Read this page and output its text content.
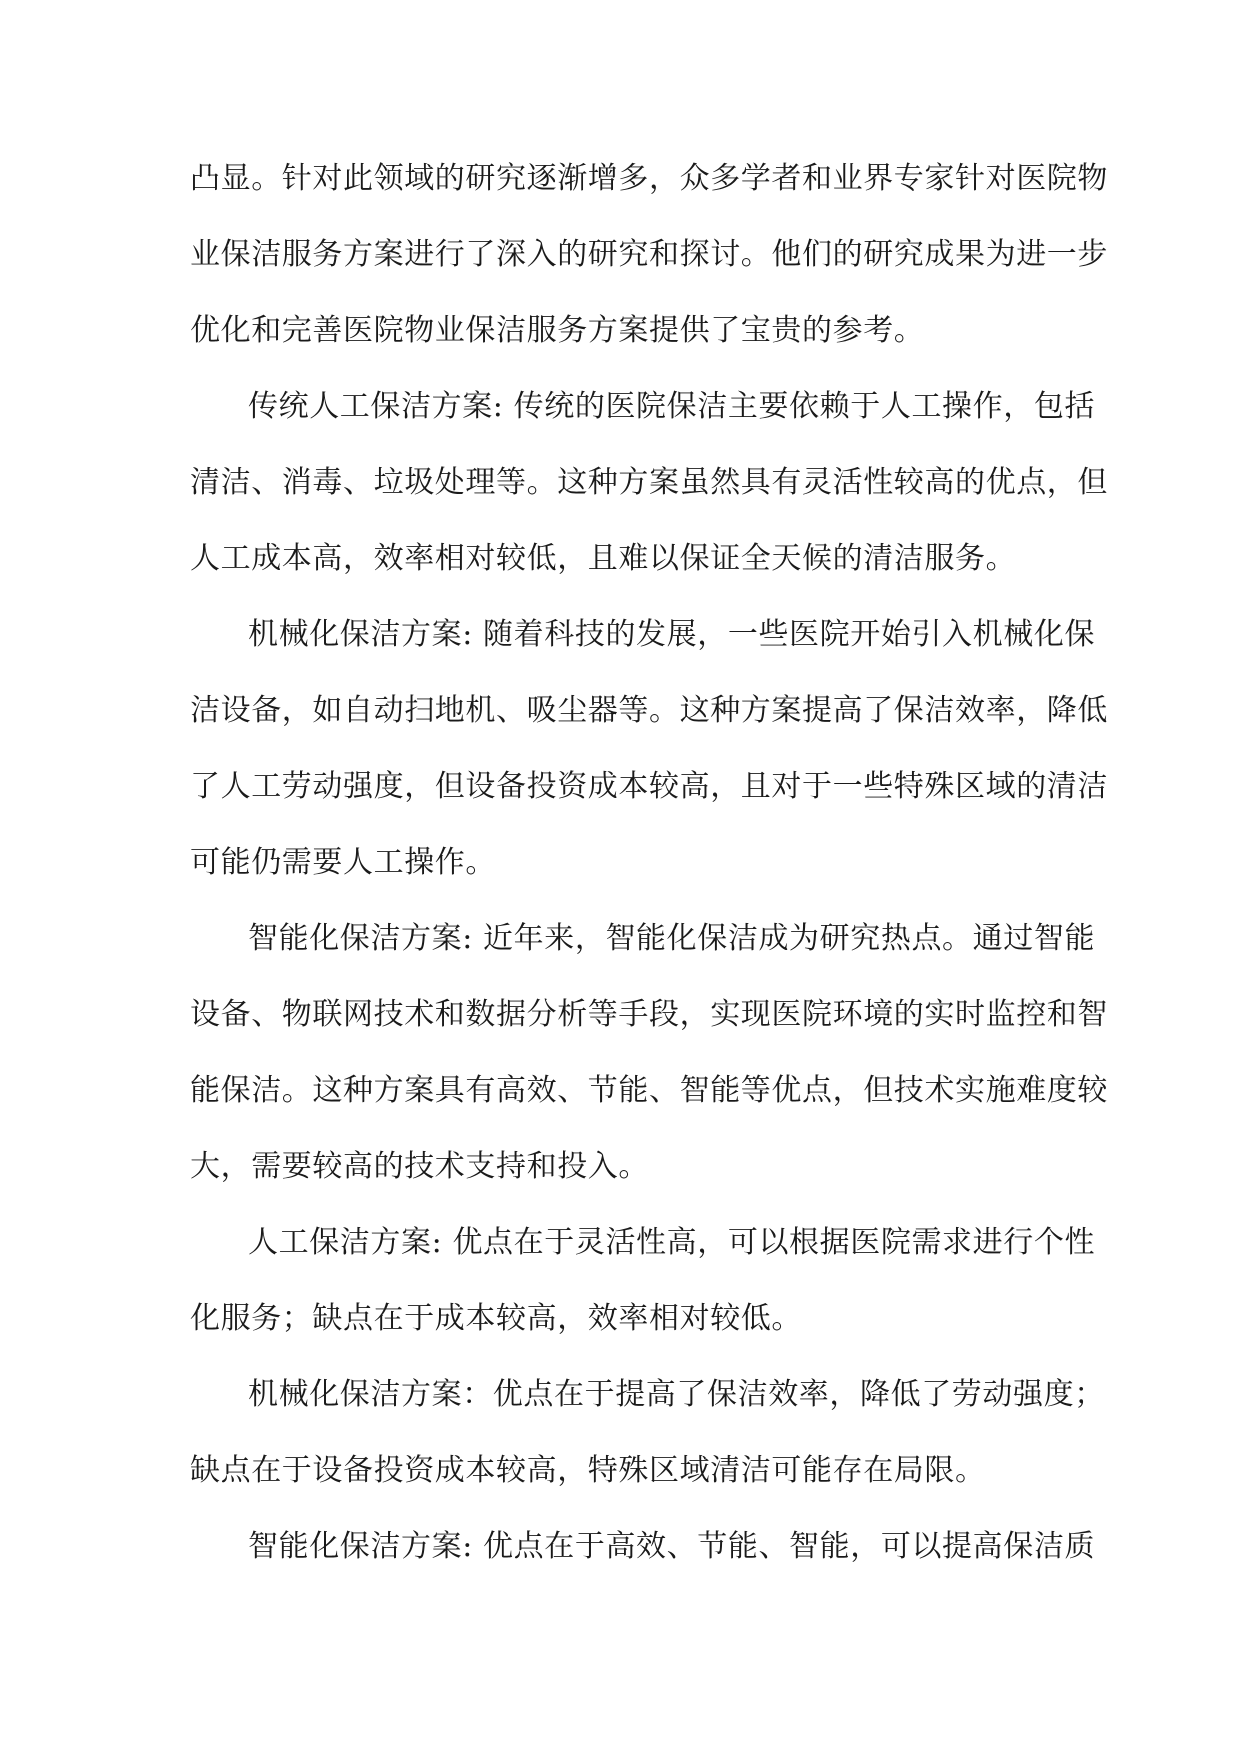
凸显。针对此领域的研究逐渐增多，众多学者和业界专家针对医院物
业保洁服务方案进行了深入的研究和探讨。他们的研究成果为进一步
优化和完善医院物业保洁服务方案提供了宝贵的参考。
传统人工保洁方案: 传统的医院保洁主要依赖于人工操作，包括
清洁、消毒、垃圾处理等。这种方案虽然具有灵活性较高的优点，但
人工成本高，效率相对较低，且难以保证全天候的清洁服务。
机械化保洁方案: 随着科技的发展，一些医院开始引入机械化保
洁设备，如自动扫地机、吸尘器等。这种方案提高了保洁效率，降低
了人工劳动强度，但设备投资成本较高，且对于一些特殊区域的清洁
可能仍需要人工操作。
智能化保洁方案: 近年来，智能化保洁成为研究热点。通过智能
设备、物联网技术和数据分析等手段，实现医院环境的实时监控和智
能保洁。这种方案具有高效、节能、智能等优点，但技术实施难度较
大，需要较高的技术支持和投入。
人工保洁方案: 优点在于灵活性高，可以根据医院需求进行个性
化服务；缺点在于成本较高，效率相对较低。
机械化保洁方案：优点在于提高了保洁效率，降低了劳动强度；
缺点在于设备投资成本较高，特殊区域清洁可能存在局限。
智能化保洁方案: 优点在于高效、节能、智能，可以提高保洁质
